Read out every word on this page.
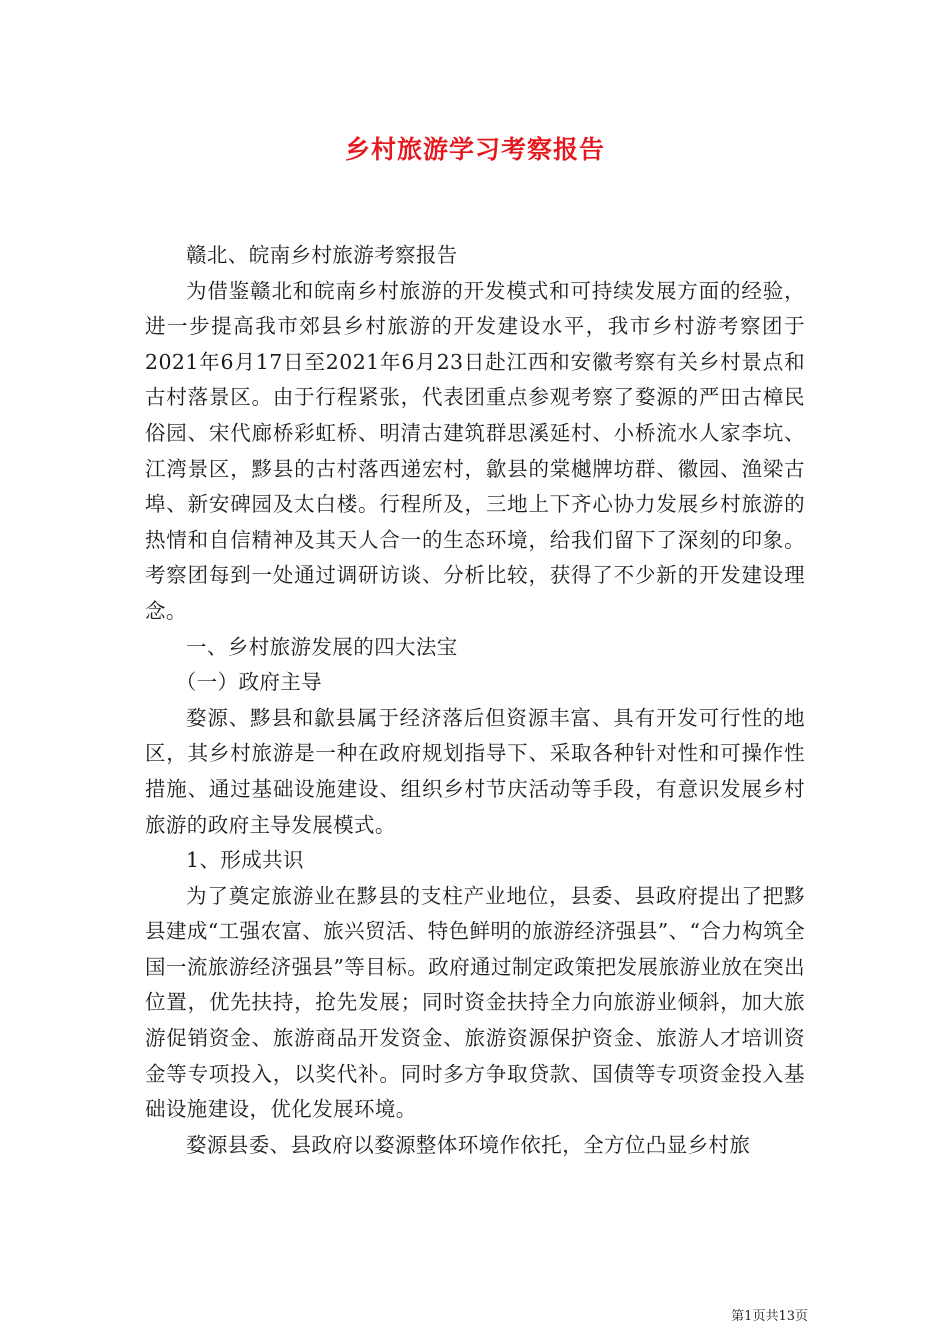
乡村旅游学习考察报告

赣北、皖南乡村旅游考察报告

为借鉴赣北和皖南乡村旅游的开发模式和可持续发展方面的经验，进一步提高我市郊县乡村旅游的开发建设水平，我市乡村游考察团于2021年6月17日至2021年6月23日赴江西和安徽考察有关乡村景点和古村落景区。由于行程紧张，代表团重点参观考察了婺源的严田古樟民俗园、宋代廊桥彩虹桥、明清古建筑群思溪延村、小桥流水人家李坑、江湾景区，黟县的古村落西递宏村，歙县的棠樾牌坊群、徽园、渔梁古埠、新安碑园及太白楼。行程所及，三地上下齐心协力发展乡村旅游的热情和自信精神及其天人合一的生态环境，给我们留下了深刻的印象。考察团每到一处通过调研访谈、分析比较，获得了不少新的开发建设理念。

一、乡村旅游发展的四大法宝

（一）政府主导

婺源、黟县和歙县属于经济落后但资源丰富、具有开发可行性的地区，其乡村旅游是一种在政府规划指导下、采取各种针对性和可操作性措施、通过基础设施建设、组织乡村节庆活动等手段，有意识发展乡村旅游的政府主导发展模式。

1、形成共识

为了奠定旅游业在黟县的支柱产业地位，县委、县政府提出了把黟县建成“工强农富、旅兴贸活、特色鲜明的旅游经济强县”、“合力构筑全国一流旅游经济强县”等目标。政府通过制定政策把发展旅游业放在突出位置，优先扶持，抢先发展；同时资金扶持全力向旅游业倾斜，加大旅游促销资金、旅游商品开发资金、旅游资源保护资金、旅游人才培训资金等专项投入，以奖代补。同时多方争取贷款、国债等专项资金投入基础设施建设，优化发展环境。

婺源县委、县政府以婺源整体环境作依托，全方位凸显乡村旅

第1页共13页
